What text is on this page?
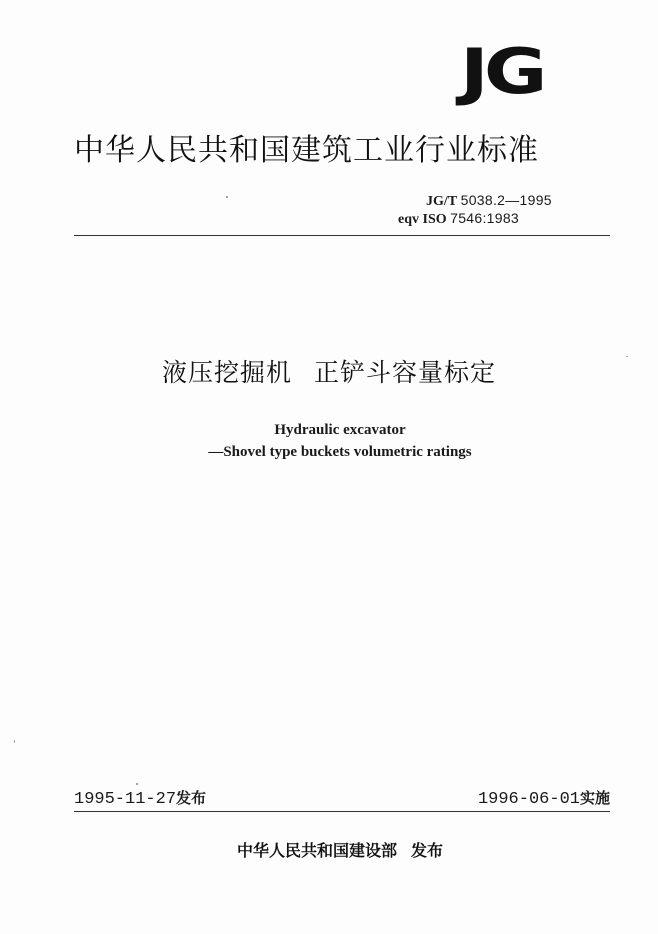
JG
中华人民共和国建筑工业行业标准
JG/T 5038.2—1995
eqv ISO 7546:1983
液压挖掘机 正铲斗容量标定
Hydraulic excavator
—Shovel type buckets volumetric ratings
1995-11-27发布	1996-06-01实施
中华人民共和国建设部 发布
